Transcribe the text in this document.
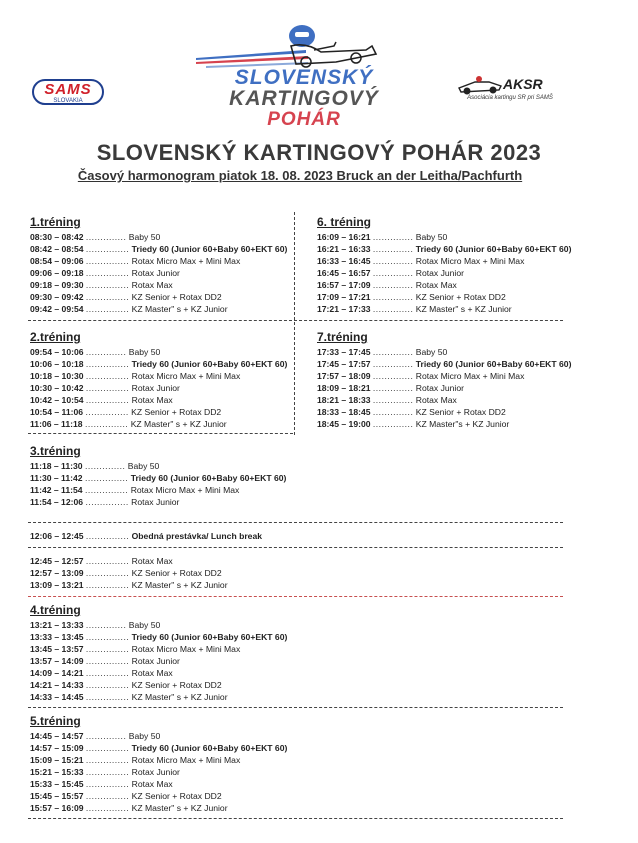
SAMS
SLOVAKIA
SLOVENSKÝ
KARTINGOVÝ
POHÁR
AKSR
Asociácia kartingu SR pri SAMŠ
SLOVENSKÝ KARTINGOVÝ POHÁR 2023
Časový harmonogram piatok 18. 08. 2023 Bruck an der Leitha/Pachfurth
1.tréning
08:30 – 08:42 .............. Baby 50
08:42 – 08:54 ............... Triedy 60 (Junior 60+Baby 60+EKT 60)
08:54 – 09:06 ............... Rotax Micro Max + Mini Max
09:06 – 09:18 ............... Rotax Junior
09:18 – 09:30 ............... Rotax Max
09:30 – 09:42 ............... KZ Senior + Rotax DD2
09:42 – 09:54 ............... KZ Master" s + KZ Junior
2.tréning
09:54 – 10:06 .............. Baby 50
10:06 – 10:18 ............... Triedy 60 (Junior 60+Baby 60+EKT 60)
10:18 – 10:30 ............... Rotax Micro Max + Mini Max
10:30 – 10:42 ............... Rotax Junior
10:42 – 10:54 ............... Rotax Max
10:54 – 11:06 ............... KZ Senior + Rotax DD2
11:06 – 11:18 ............... KZ Master" s + KZ Junior
3.tréning
11:18 – 11:30 .............. Baby 50
11:30 – 11:42 ............... Triedy 60 (Junior 60+Baby 60+EKT 60)
11:42 – 11:54 ............... Rotax Micro Max + Mini Max
11:54 – 12:06 ............... Rotax Junior
12:06 – 12:45 ............... Obedná prestávka/ Lunch break
12:45 – 12:57 ............... Rotax Max
12:57 – 13:09 ............... KZ Senior + Rotax DD2
13:09 – 13:21 ............... KZ Master" s + KZ Junior
4.tréning
13:21 – 13:33 .............. Baby 50
13:33 – 13:45 ............... Triedy 60 (Junior 60+Baby 60+EKT 60)
13:45 – 13:57 ............... Rotax Micro Max + Mini Max
13:57 – 14:09 ............... Rotax Junior
14:09 – 14:21 ............... Rotax Max
14:21 – 14:33 ............... KZ Senior + Rotax DD2
14:33 – 14:45 ............... KZ Master" s + KZ Junior
5.tréning
14:45 – 14:57 .............. Baby 50
14:57 – 15:09 ............... Triedy 60 (Junior 60+Baby 60+EKT 60)
15:09 – 15:21 ............... Rotax Micro Max + Mini Max
15:21 – 15:33 ............... Rotax Junior
15:33 – 15:45 ............... Rotax Max
15:45 – 15:57 ............... KZ Senior + Rotax DD2
15:57 – 16:09 ............... KZ Master" s + KZ Junior
6. tréning
16:09 – 16:21 .............. Baby 50
16:21 – 16:33 .............. Triedy 60 (Junior 60+Baby 60+EKT 60)
16:33 – 16:45 .............. Rotax Micro Max + Mini Max
16:45 – 16:57 .............. Rotax Junior
16:57 – 17:09 .............. Rotax Max
17:09 – 17:21 .............. KZ Senior + Rotax DD2
17:21 – 17:33 .............. KZ Master" s + KZ Junior
7.tréning
17:33 – 17:45 .............. Baby 50
17:45 – 17:57 .............. Triedy 60 (Junior 60+Baby 60+EKT 60)
17:57 – 18:09 .............. Rotax Micro Max + Mini Max
18:09 – 18:21 .............. Rotax Junior
18:21 – 18:33 .............. Rotax Max
18:33 – 18:45 .............. KZ Senior + Rotax DD2
18:45 – 19:00 .............. KZ Master"s + KZ Junior
